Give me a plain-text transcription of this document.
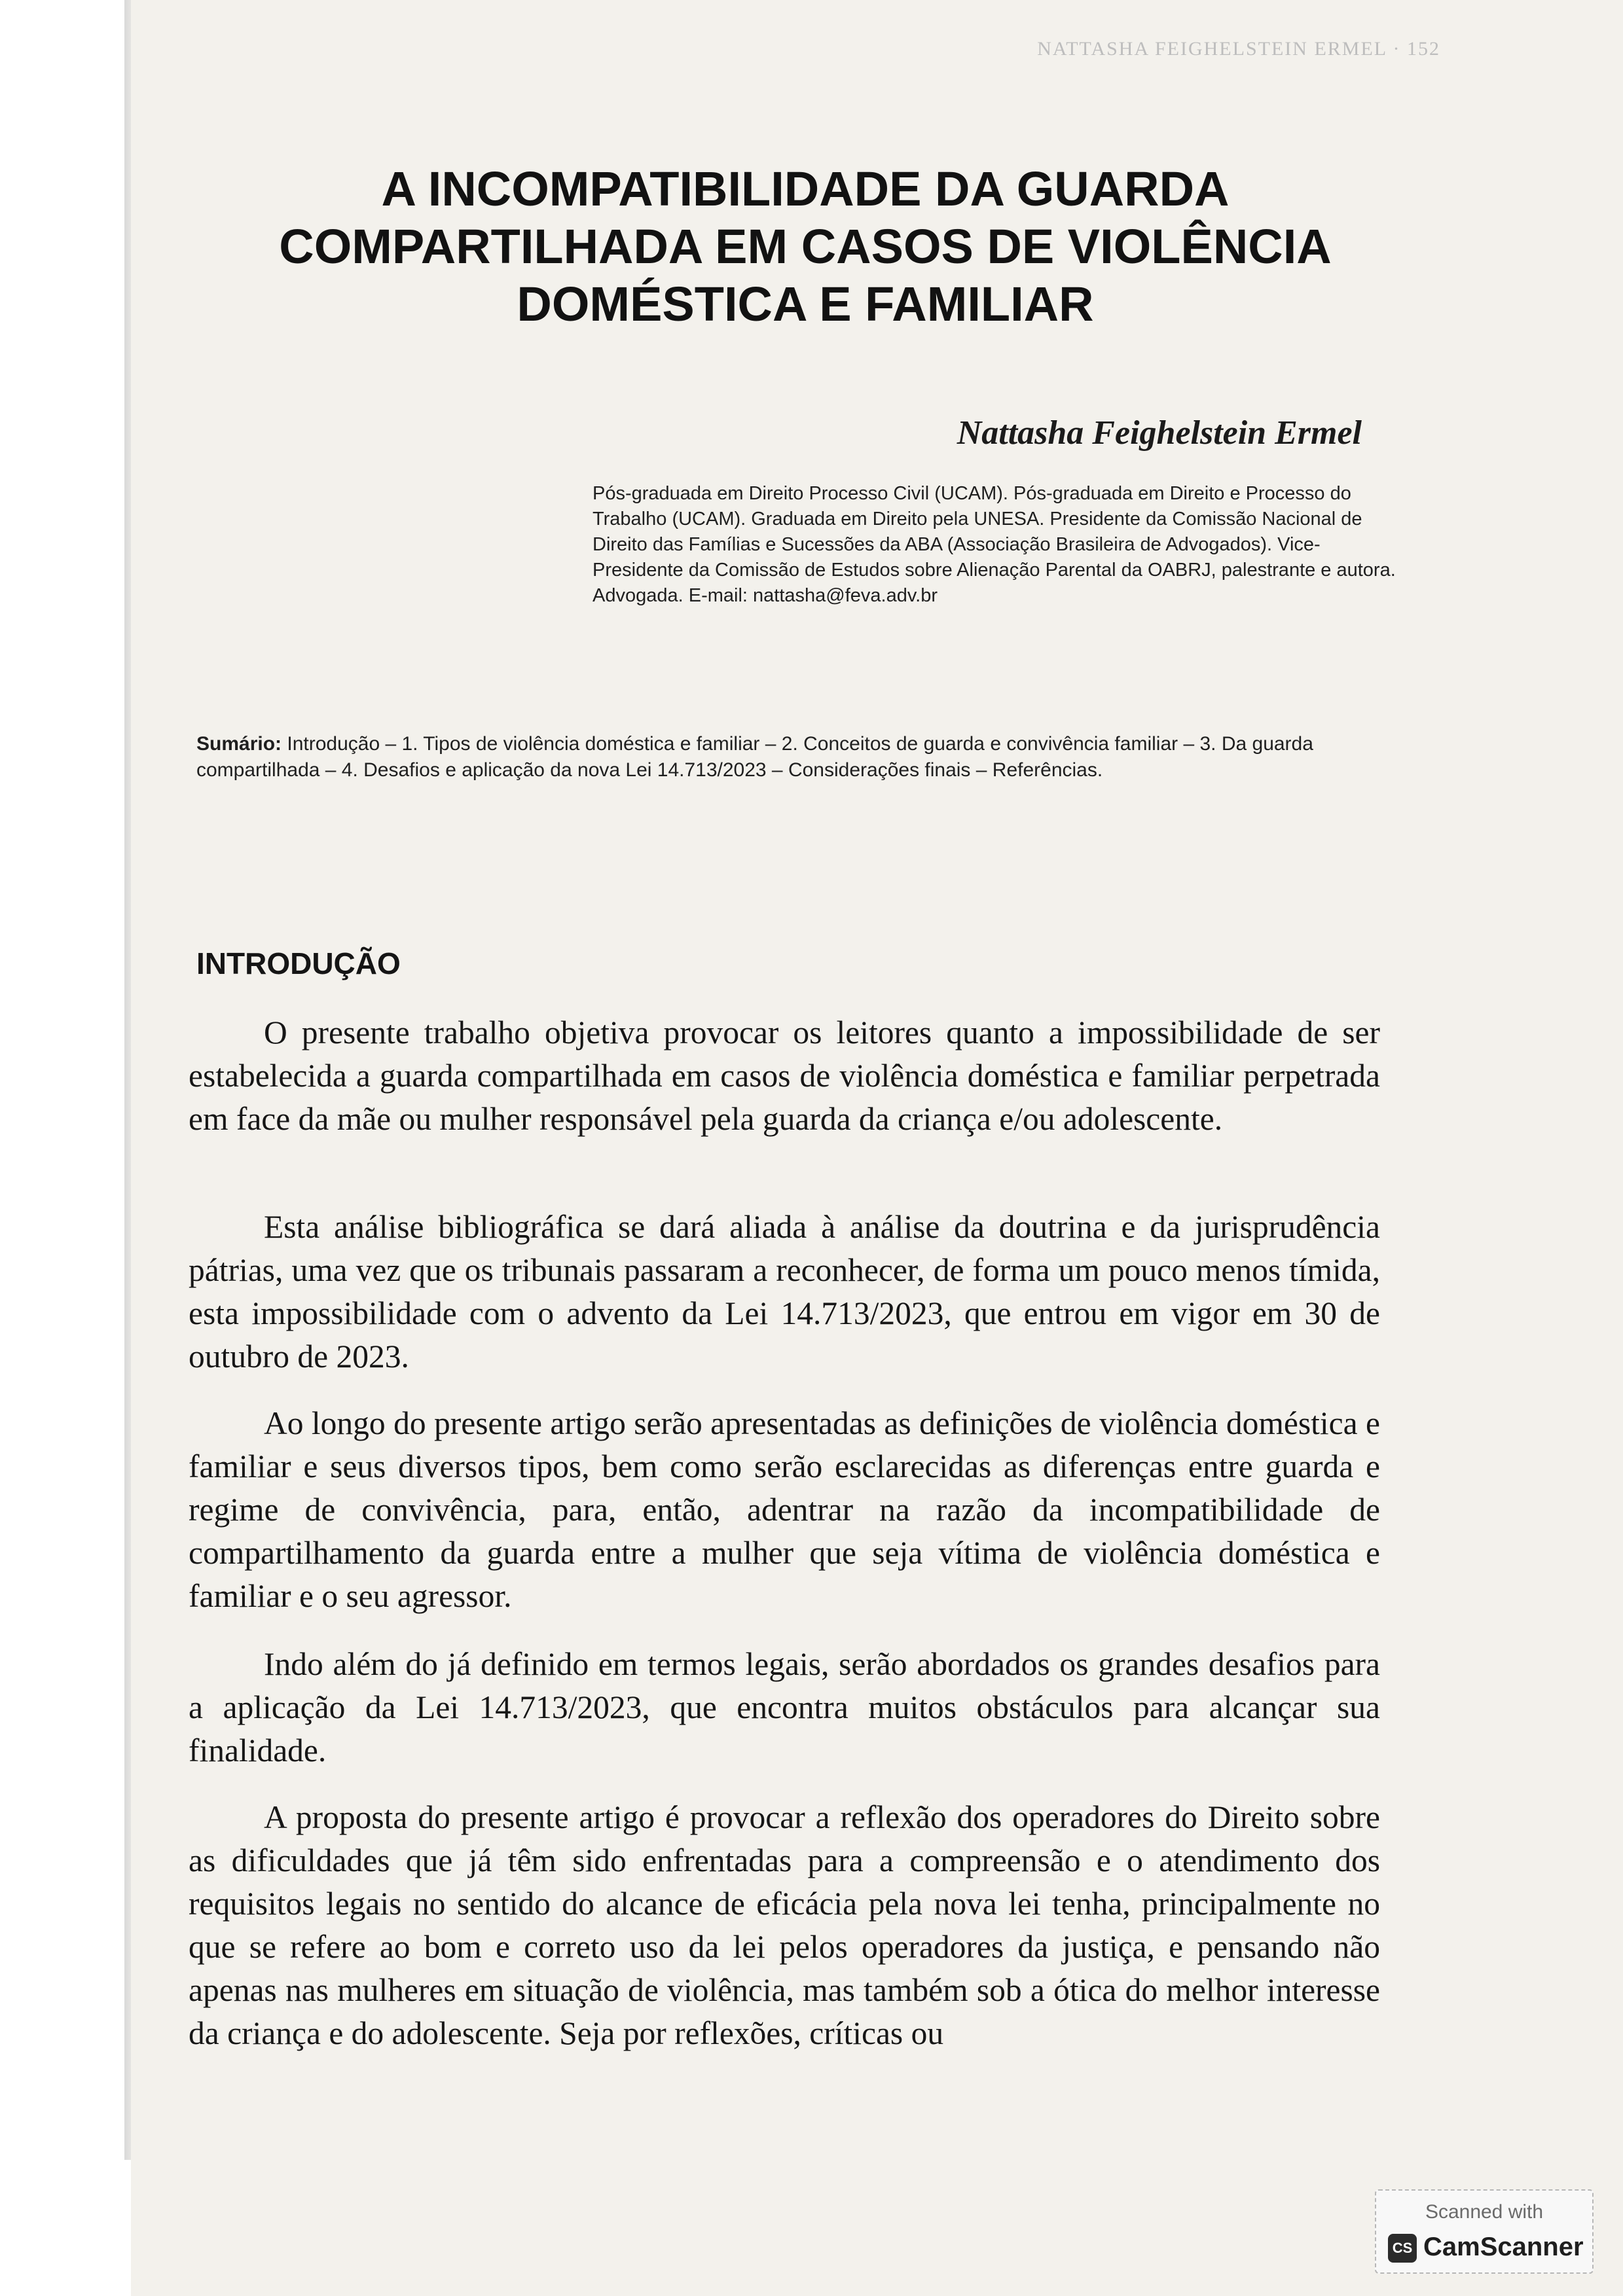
NATTASHA FEIGHELSTEIN ERMEL · 152
A INCOMPATIBILIDADE DA GUARDA
COMPARTILHADA EM CASOS DE VIOLÊNCIA
DOMÉSTICA E FAMILIAR
Nattasha Feighelstein Ermel
Pós-graduada em Direito Processo Civil (UCAM). Pós-graduada em Direito e Processo do Trabalho (UCAM). Graduada em Direito pela UNESA. Presidente da Comissão Nacional de Direito das Famílias e Sucessões da ABA (Associação Brasileira de Advogados). Vice-Presidente da Comissão de Estudos sobre Alienação Parental da OABRJ, palestrante e autora. Advogada. E-mail: nattasha@feva.adv.br
Sumário: Introdução – 1. Tipos de violência doméstica e familiar – 2. Conceitos de guarda e convivência familiar – 3. Da guarda compartilhada – 4. Desafios e aplicação da nova Lei 14.713/2023 – Considerações finais – Referências.
INTRODUÇÃO
O presente trabalho objetiva provocar os leitores quanto a impossibilidade de ser estabelecida a guarda compartilhada em casos de violência doméstica e familiar perpetrada em face da mãe ou mulher responsável pela guarda da criança e/ou adolescente.
Esta análise bibliográfica se dará aliada à análise da doutrina e da jurisprudência pátrias, uma vez que os tribunais passaram a reconhecer, de forma um pouco menos tímida, esta impossibilidade com o advento da Lei 14.713/2023, que entrou em vigor em 30 de outubro de 2023.
Ao longo do presente artigo serão apresentadas as definições de violência doméstica e familiar e seus diversos tipos, bem como serão esclarecidas as diferenças entre guarda e regime de convivência, para, então, adentrar na razão da incompatibilidade de compartilhamento da guarda entre a mulher que seja vítima de violência doméstica e familiar e o seu agressor.
Indo além do já definido em termos legais, serão abordados os grandes desafios para a aplicação da Lei 14.713/2023, que encontra muitos obstáculos para alcançar sua finalidade.
A proposta do presente artigo é provocar a reflexão dos operadores do Direito sobre as dificuldades que já têm sido enfrentadas para a compreensão e o atendimento dos requisitos legais no sentido do alcance de eficácia pela nova lei tenha, principalmente no que se refere ao bom e correto uso da lei pelos operadores da justiça, e pensando não apenas nas mulheres em situação de violência, mas também sob a ótica do melhor interesse da criança e do adolescente. Seja por reflexões, críticas ou
Scanned with
CS CamScanner
